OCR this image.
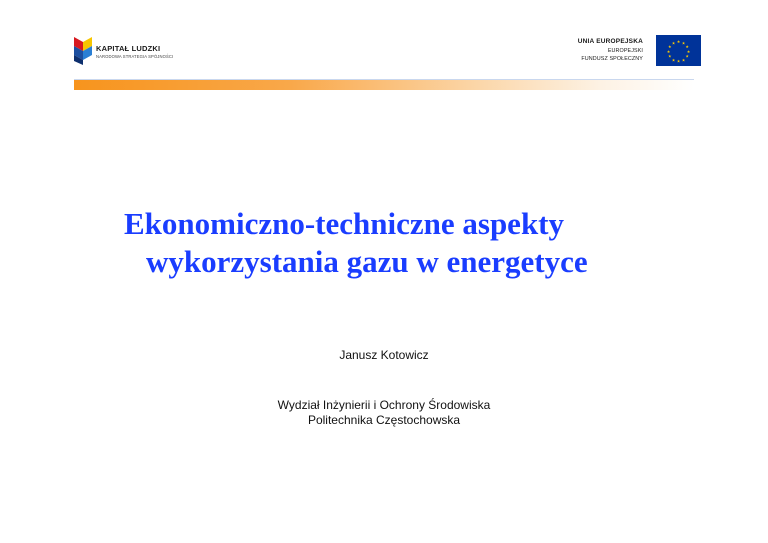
KAPITAŁ LUDZKI
NARODOWA STRATEGIA SPÓJNOŚCI
UNIA EUROPEJSKA
EUROPEJSKI
FUNDUSZ SPOŁECZNY
★ ★
★
★
★
★
★
★
★
★
★
★
Ekonomiczno-techniczne aspekty
wykorzystania gazu w energetyce
Janusz Kotowicz
Wydział Inżynierii i Ochrony Środowiska
Politechnika Częstochowska
